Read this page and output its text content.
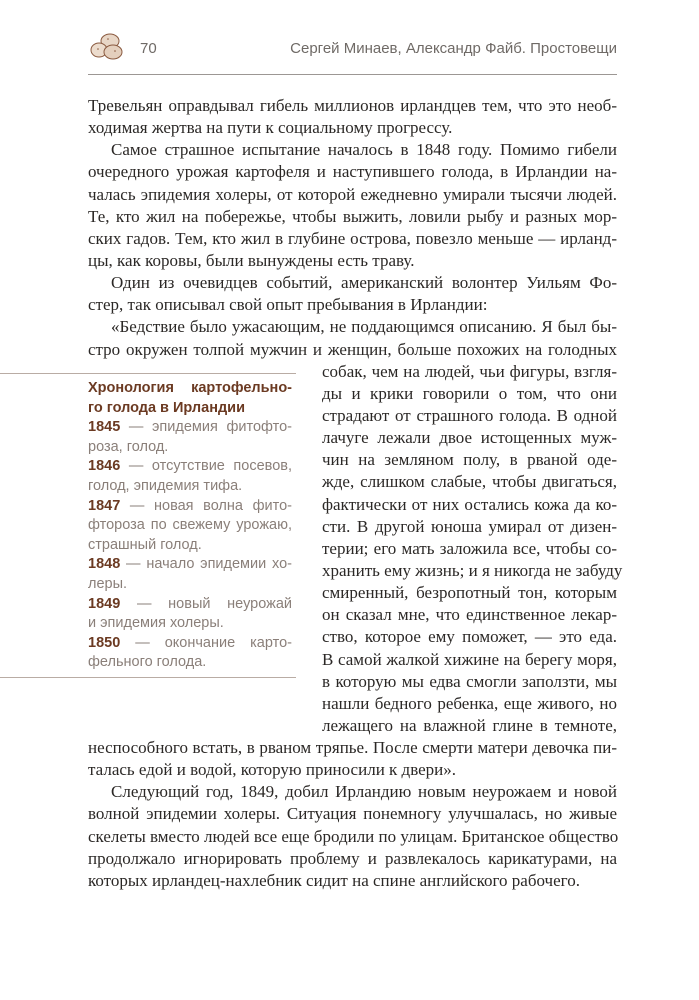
70	Сергей Минаев, Александр Файб. Простовещи
Тревельян оправдывал гибель миллионов ирландцев тем, что это необ-
ходимая жертва на пути к социальному прогрессу.
Самое страшное испытание началось в 1848 году. Помимо гибели
очередного урожая картофеля и наступившего голода, в Ирландии на-
чалась эпидемия холеры, от которой ежедневно умирали тысячи людей.
Те, кто жил на побережье, чтобы выжить, ловили рыбу и разных мор-
ских гадов. Тем, кто жил в глубине острова, повезло меньше — ирланд-
цы, как коровы, были вынуждены есть траву.
Один из очевидцев событий, американский волонтер Уильям Фо-
стер, так описывал свой опыт пребывания в Ирландии:
«Бедствие было ужасающим, не поддающимся описанию. Я был бы-
стро окружен толпой мужчин и женщин, больше похожих на голодных
собак, чем на людей, чьи фигуры, взгля-
ды и крики говорили о том, что они
страдают от страшного голода. В одной
лачуге лежали двое истощенных муж-
чин на земляном полу, в рваной оде-
жде, слишком слабые, чтобы двигаться,
фактически от них остались кожа да ко-
сти. В другой юноша умирал от дизен-
терии; его мать заложила все, чтобы со-
хранить ему жизнь; и я никогда не забуду
смиренный, безропотный тон, которым
он сказал мне, что единственное лекар-
ство, которое ему поможет, — это еда.
В самой жалкой хижине на берегу моря,
в которую мы едва смогли заползти, мы
нашли бедного ребенка, еще живого, но
лежащего на влажной глине в темноте,
неспособного встать, в рваном тряпье. После смерти матери девочка пи-
талась едой и водой, которую приносили к двери».
Следующий год, 1849, добил Ирландию новым неурожаем и новой
волной эпидемии холеры. Ситуация понемногу улучшалась, но живые
скелеты вместо людей все еще бродили по улицам. Британское общество
продолжало игнорировать проблему и развлекалось карикатурами, на
которых ирландец-нахлебник сидит на спине английского рабочего.
Хронология картофельно-
го голода в Ирландии
1845 — эпидемия фитофто-
роза, голод.
1846 — отсутствие посевов,
голод, эпидемия тифа.
1847 — новая волна фито-
фтороза по свежему урожаю,
страшный голод.
1848 — начало эпидемии хо-
леры.
1849 — новый неурожай
и эпидемия холеры.
1850 — окончание карто-
фельного голода.
